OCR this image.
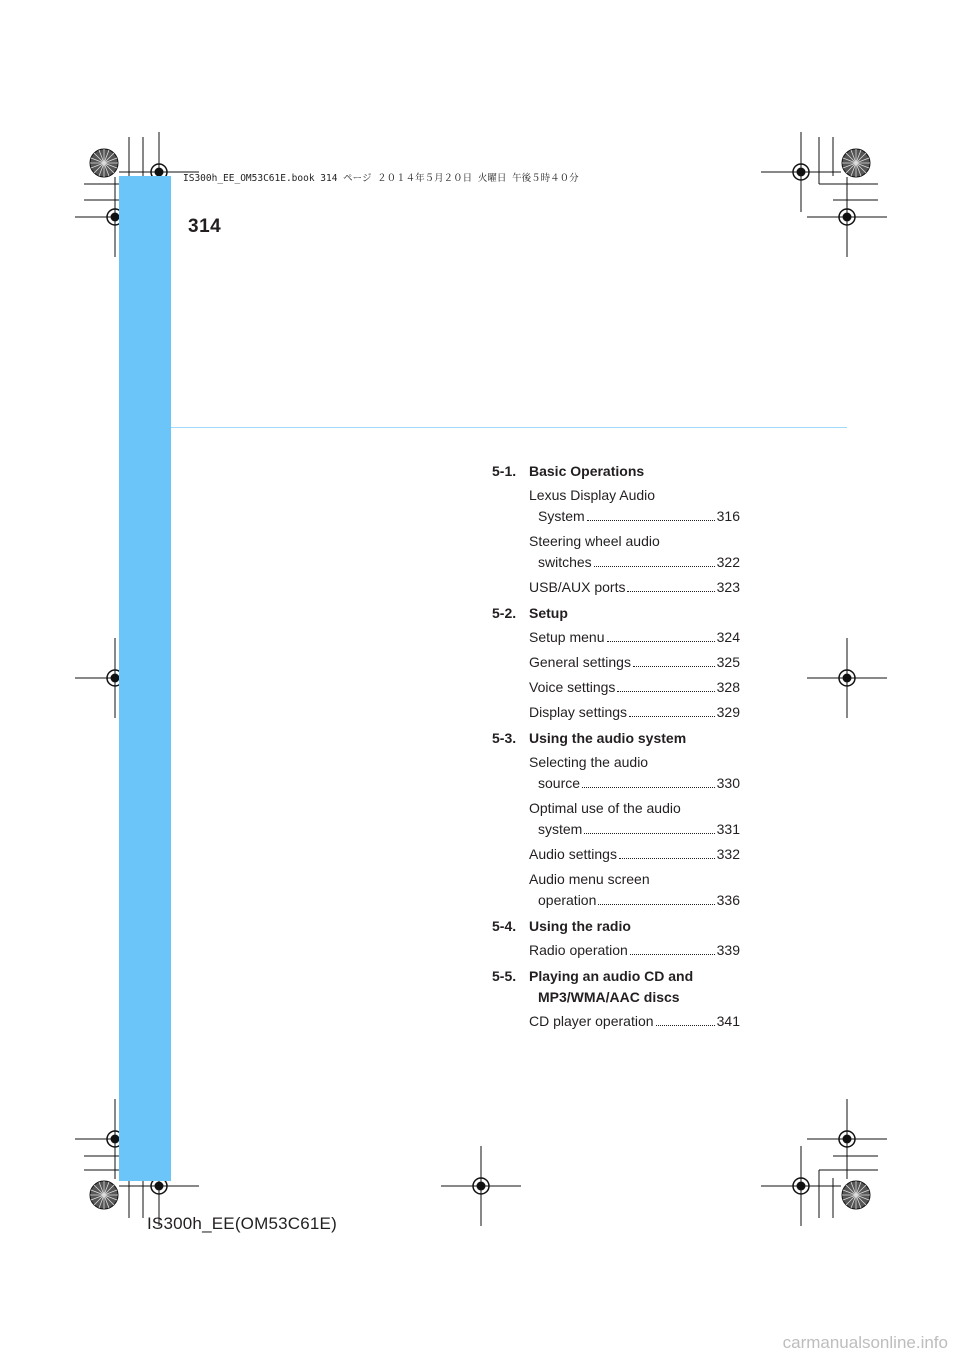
IS300h_EE_OM53C61E.book 314 ページ ２０１４年５月２０日 火曜日 午後５時４０分
314
5-1. Basic Operations
Lexus Display Audio
System	316
Steering wheel audio
switches	322
USB/AUX ports	323
5-2. Setup
Setup menu	324
General settings	325
Voice settings	328
Display settings	329
5-3. Using the audio system
Selecting the audio
source	330
Optimal use of the audio
system	331
Audio settings	332
Audio menu screen
operation	336
5-4. Using the radio
Radio operation	339
5-5. Playing an audio CD and
MP3/WMA/AAC discs
CD player operation	341
IS300h_EE(OM53C61E)
carmanualsonline.info
